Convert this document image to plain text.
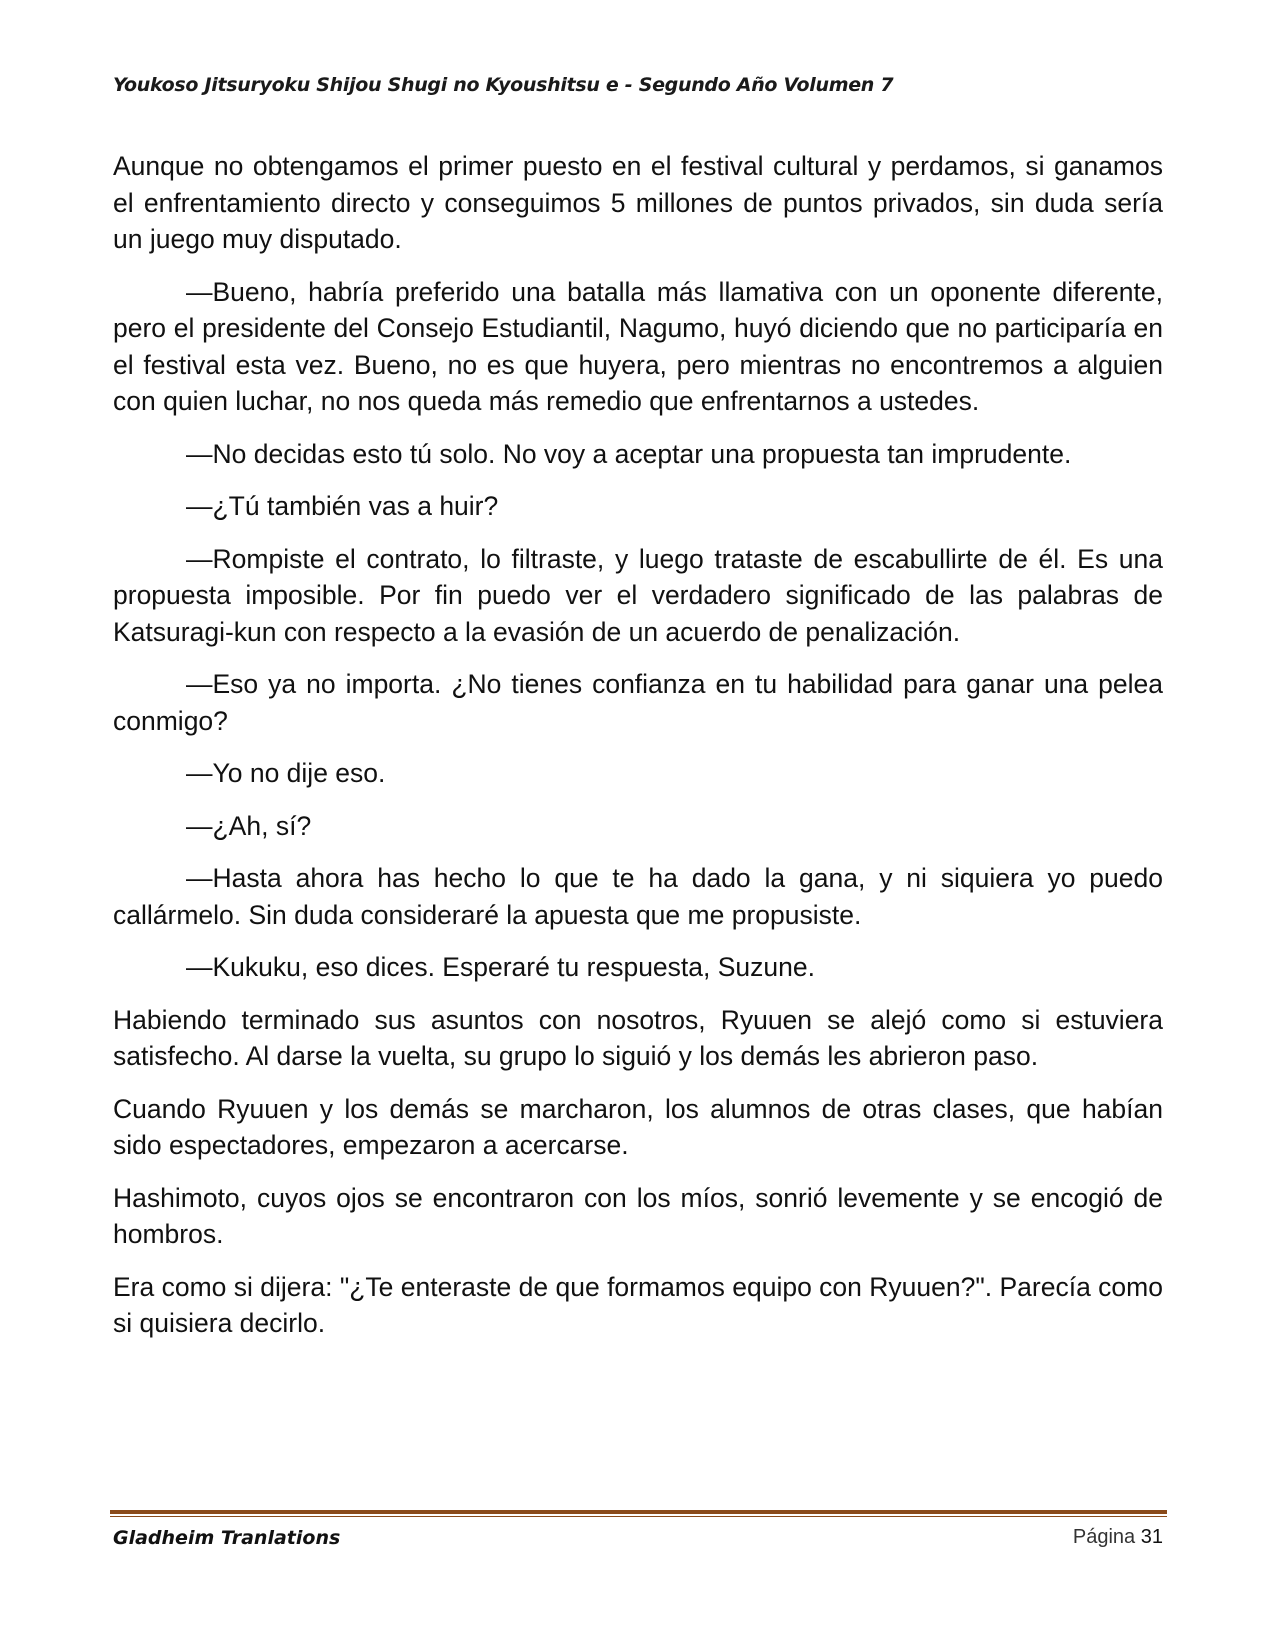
Youkoso Jitsuryoku Shijou Shugi no Kyoushitsu e - Segundo Año Volumen 7

Aunque no obtengamos el primer puesto en el festival cultural y perdamos, si ganamos el enfrentamiento directo y conseguimos 5 millones de puntos privados, sin duda sería un juego muy disputado.

—Bueno, habría preferido una batalla más llamativa con un oponente diferente, pero el presidente del Consejo Estudiantil, Nagumo, huyó diciendo que no participaría en el festival esta vez. Bueno, no es que huyera, pero mientras no encontremos a alguien con quien luchar, no nos queda más remedio que enfrentarnos a ustedes.

—No decidas esto tú solo. No voy a aceptar una propuesta tan imprudente.

—¿Tú también vas a huir?

—Rompiste el contrato, lo filtraste, y luego trataste de escabullirte de él. Es una propuesta imposible. Por fin puedo ver el verdadero significado de las palabras de Katsuragi-kun con respecto a la evasión de un acuerdo de penalización.

—Eso ya no importa. ¿No tienes confianza en tu habilidad para ganar una pelea conmigo?

—Yo no dije eso.

—¿Ah, sí?

—Hasta ahora has hecho lo que te ha dado la gana, y ni siquiera yo puedo callármelo. Sin duda consideraré la apuesta que me propusiste.

—Kukuku, eso dices. Esperaré tu respuesta, Suzune.

Habiendo terminado sus asuntos con nosotros, Ryuuen se alejó como si estuviera satisfecho. Al darse la vuelta, su grupo lo siguió y los demás les abrieron paso.

Cuando Ryuuen y los demás se marcharon, los alumnos de otras clases, que habían sido espectadores, empezaron a acercarse.

Hashimoto, cuyos ojos se encontraron con los míos, sonrió levemente y se encogió de hombros.

Era como si dijera: "¿Te enteraste de que formamos equipo con Ryuuen?". Parecía como si quisiera decirlo.

Gladheim Tranlations	Página 31
